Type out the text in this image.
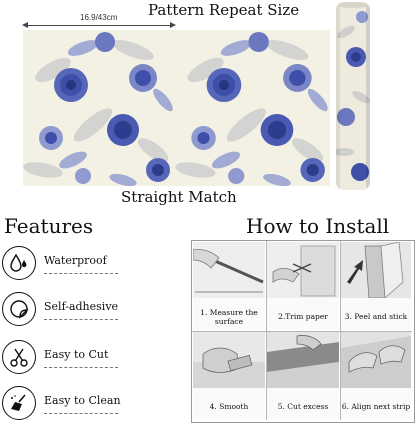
Pattern Repeat Size
16.9/43cm
Straight Match
Features
Waterproof
Self-adhesive
Easy to Cut
Easy to Clean
How to Install
1. Measure the
surface
2.Trim paper	3. Peel and stick
4. Smooth	5. Cut excess	6. Align next strip
